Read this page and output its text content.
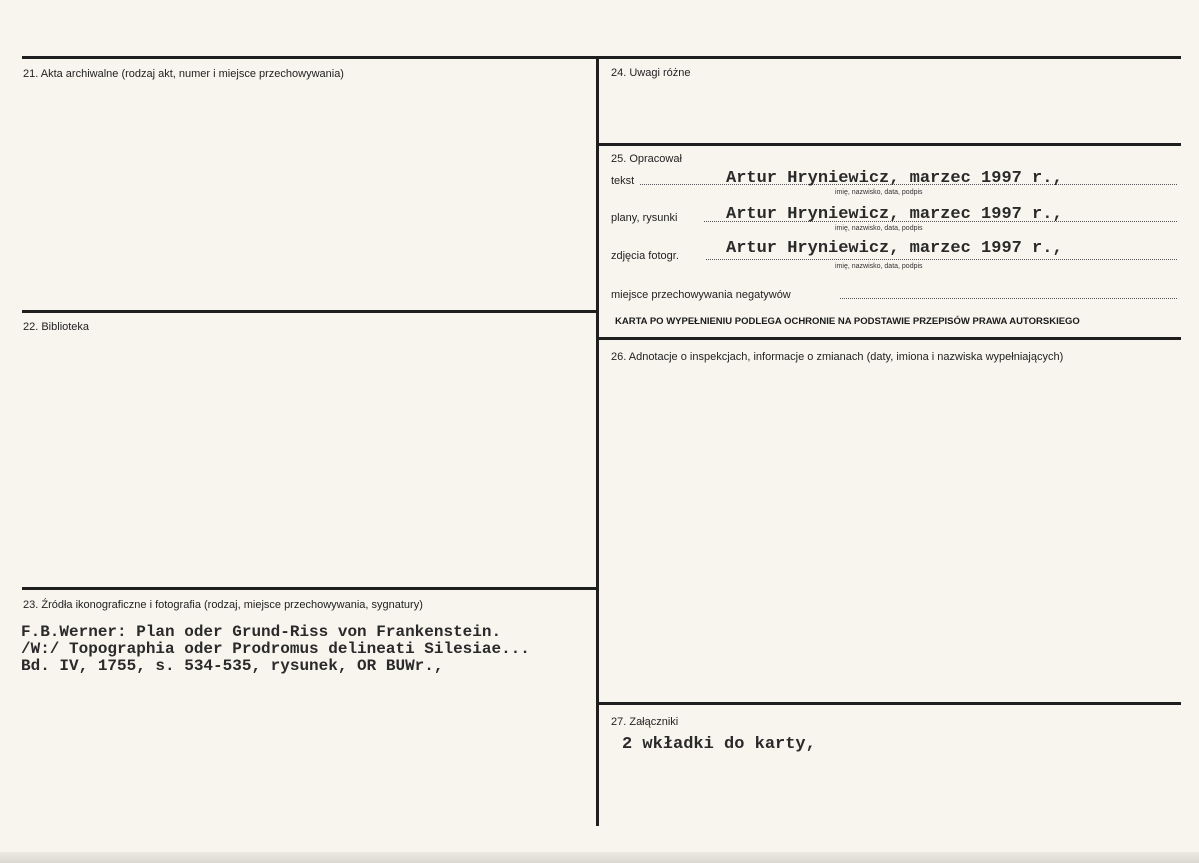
21. Akta archiwalne (rodzaj akt, numer i miejsce przechowywania)
22. Biblioteka
23. Źródła ikonograficzne i fotografia (rodzaj, miejsce przechowywania, sygnatury)
F.B.Werner: Plan oder Grund-Riss von Frankenstein.
/W:/ Topographia oder Prodromus delineati Silesiae...
Bd. IV, 1755, s. 534-535, rysunek, OR BUWr.,
24. Uwagi różne
25. Opracował
tekst	Artur Hryniewicz, marzec 1997 r.,
imię, nazwisko, data, podpis
plany, rysunki	Artur Hryniewicz, marzec 1997 r.,
imię, nazwisko, data, podpis
zdjęcia fotogr.	Artur Hryniewicz, marzec 1997 r.,
imię, nazwisko, data, podpis
miejsce przechowywania negatywów
KARTA PO WYPEŁNIENIU PODLEGA OCHRONIE NA PODSTAWIE PRZEPISÓW PRAWA AUTORSKIEGO
26. Adnotacje o inspekcjach, informacje o zmianach (daty, imiona i nazwiska wypełniających)
27. Załączniki
2 wkładki do karty,
